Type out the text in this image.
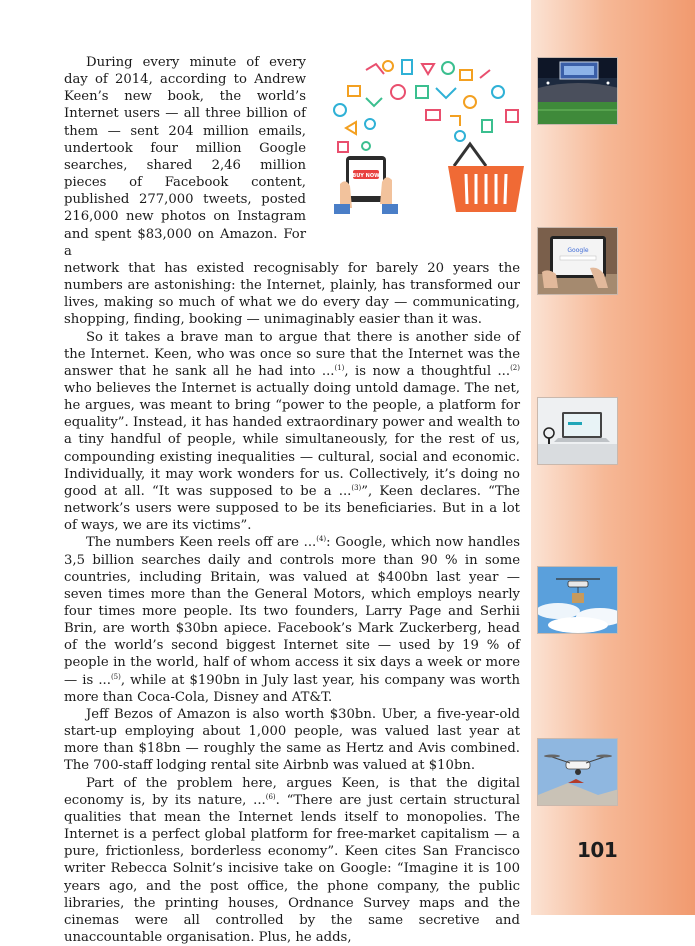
Google
101
BUY NOW

During every minute of every day of 2014, according to Andrew Keen’s new book, the world’s Internet users — all three billion of them — sent 204 million emails, undertook four million Google searches, shared 2,46 million pieces of Facebook content, published 277,000 tweets, posted 216,000 new photos on Instagram and spent $83,000 on Amazon. For a

network that has existed recognisably for barely 20 years the numbers are astonishing: the Internet, plainly, has transformed our lives, making so much of what we do every day — communicating, shopping, finding, booking — unimaginably easier than it was.

So it takes a brave man to argue that there is another side of the Internet. Keen, who was once so sure that the Internet was the answer that he sank all he had into ...$^{(1)}$, is now a thoughtful ...$^{(2)}$ who believes the Internet is actually doing untold damage. The net, he argues, was meant to bring “power to the people, a platform for equality”. Instead, it has handed extraordinary power and wealth to a tiny handful of people, while simultaneously, for the rest of us, compounding existing inequalities — cultural, social and economic. Individually, it may work wonders for us. Collectively, it’s doing no good at all. “It was supposed to be a ...$^{(3)}$”, Keen declares. “The network’s users were supposed to be its beneficiaries. But in a lot of ways, we are its victims”.

The numbers Keen reels off are ...$^{(4)}$: Google, which now handles 3,5 billion searches daily and controls more than 90 % in some countries, including Britain, was valued at $400bn last year — seven times more than the General Motors, which employs nearly four times more people. Its two founders, Larry Page and Serhii Brin, are worth $30bn apiece. Facebook’s Mark Zuckerberg, head of the world’s second biggest Internet site — used by 19 % of people in the world, half of whom access it six days a week or more — is ...$^{(5)}$, while at $190bn in July last year, his company was worth more than Coca-Cola, Disney and AT&T.

Jeff Bezos of Amazon is also worth $30bn. Uber, a five-year-old start-up employing about 1,000 people, was valued last year at more than $18bn — roughly the same as Hertz and Avis combined. The 700-staff lodging rental site Airbnb was valued at $10bn.

Part of the problem here, argues Keen, is that the digital economy is, by its nature, ...$^{(6)}$. “There are just certain structural qualities that mean the Internet lends itself to monopolies. The Internet is a perfect global platform for free-market capitalism — a pure, frictionless, borderless economy”. Keen cites San Francisco writer Rebecca Solnit’s incisive take on Google: “Imagine it is 100 years ago, and the post office, the phone company, the public libraries, the printing houses, Ordnance Survey maps and the cinemas were all controlled by the same secretive and unaccountable organisation. Plus, he adds,
